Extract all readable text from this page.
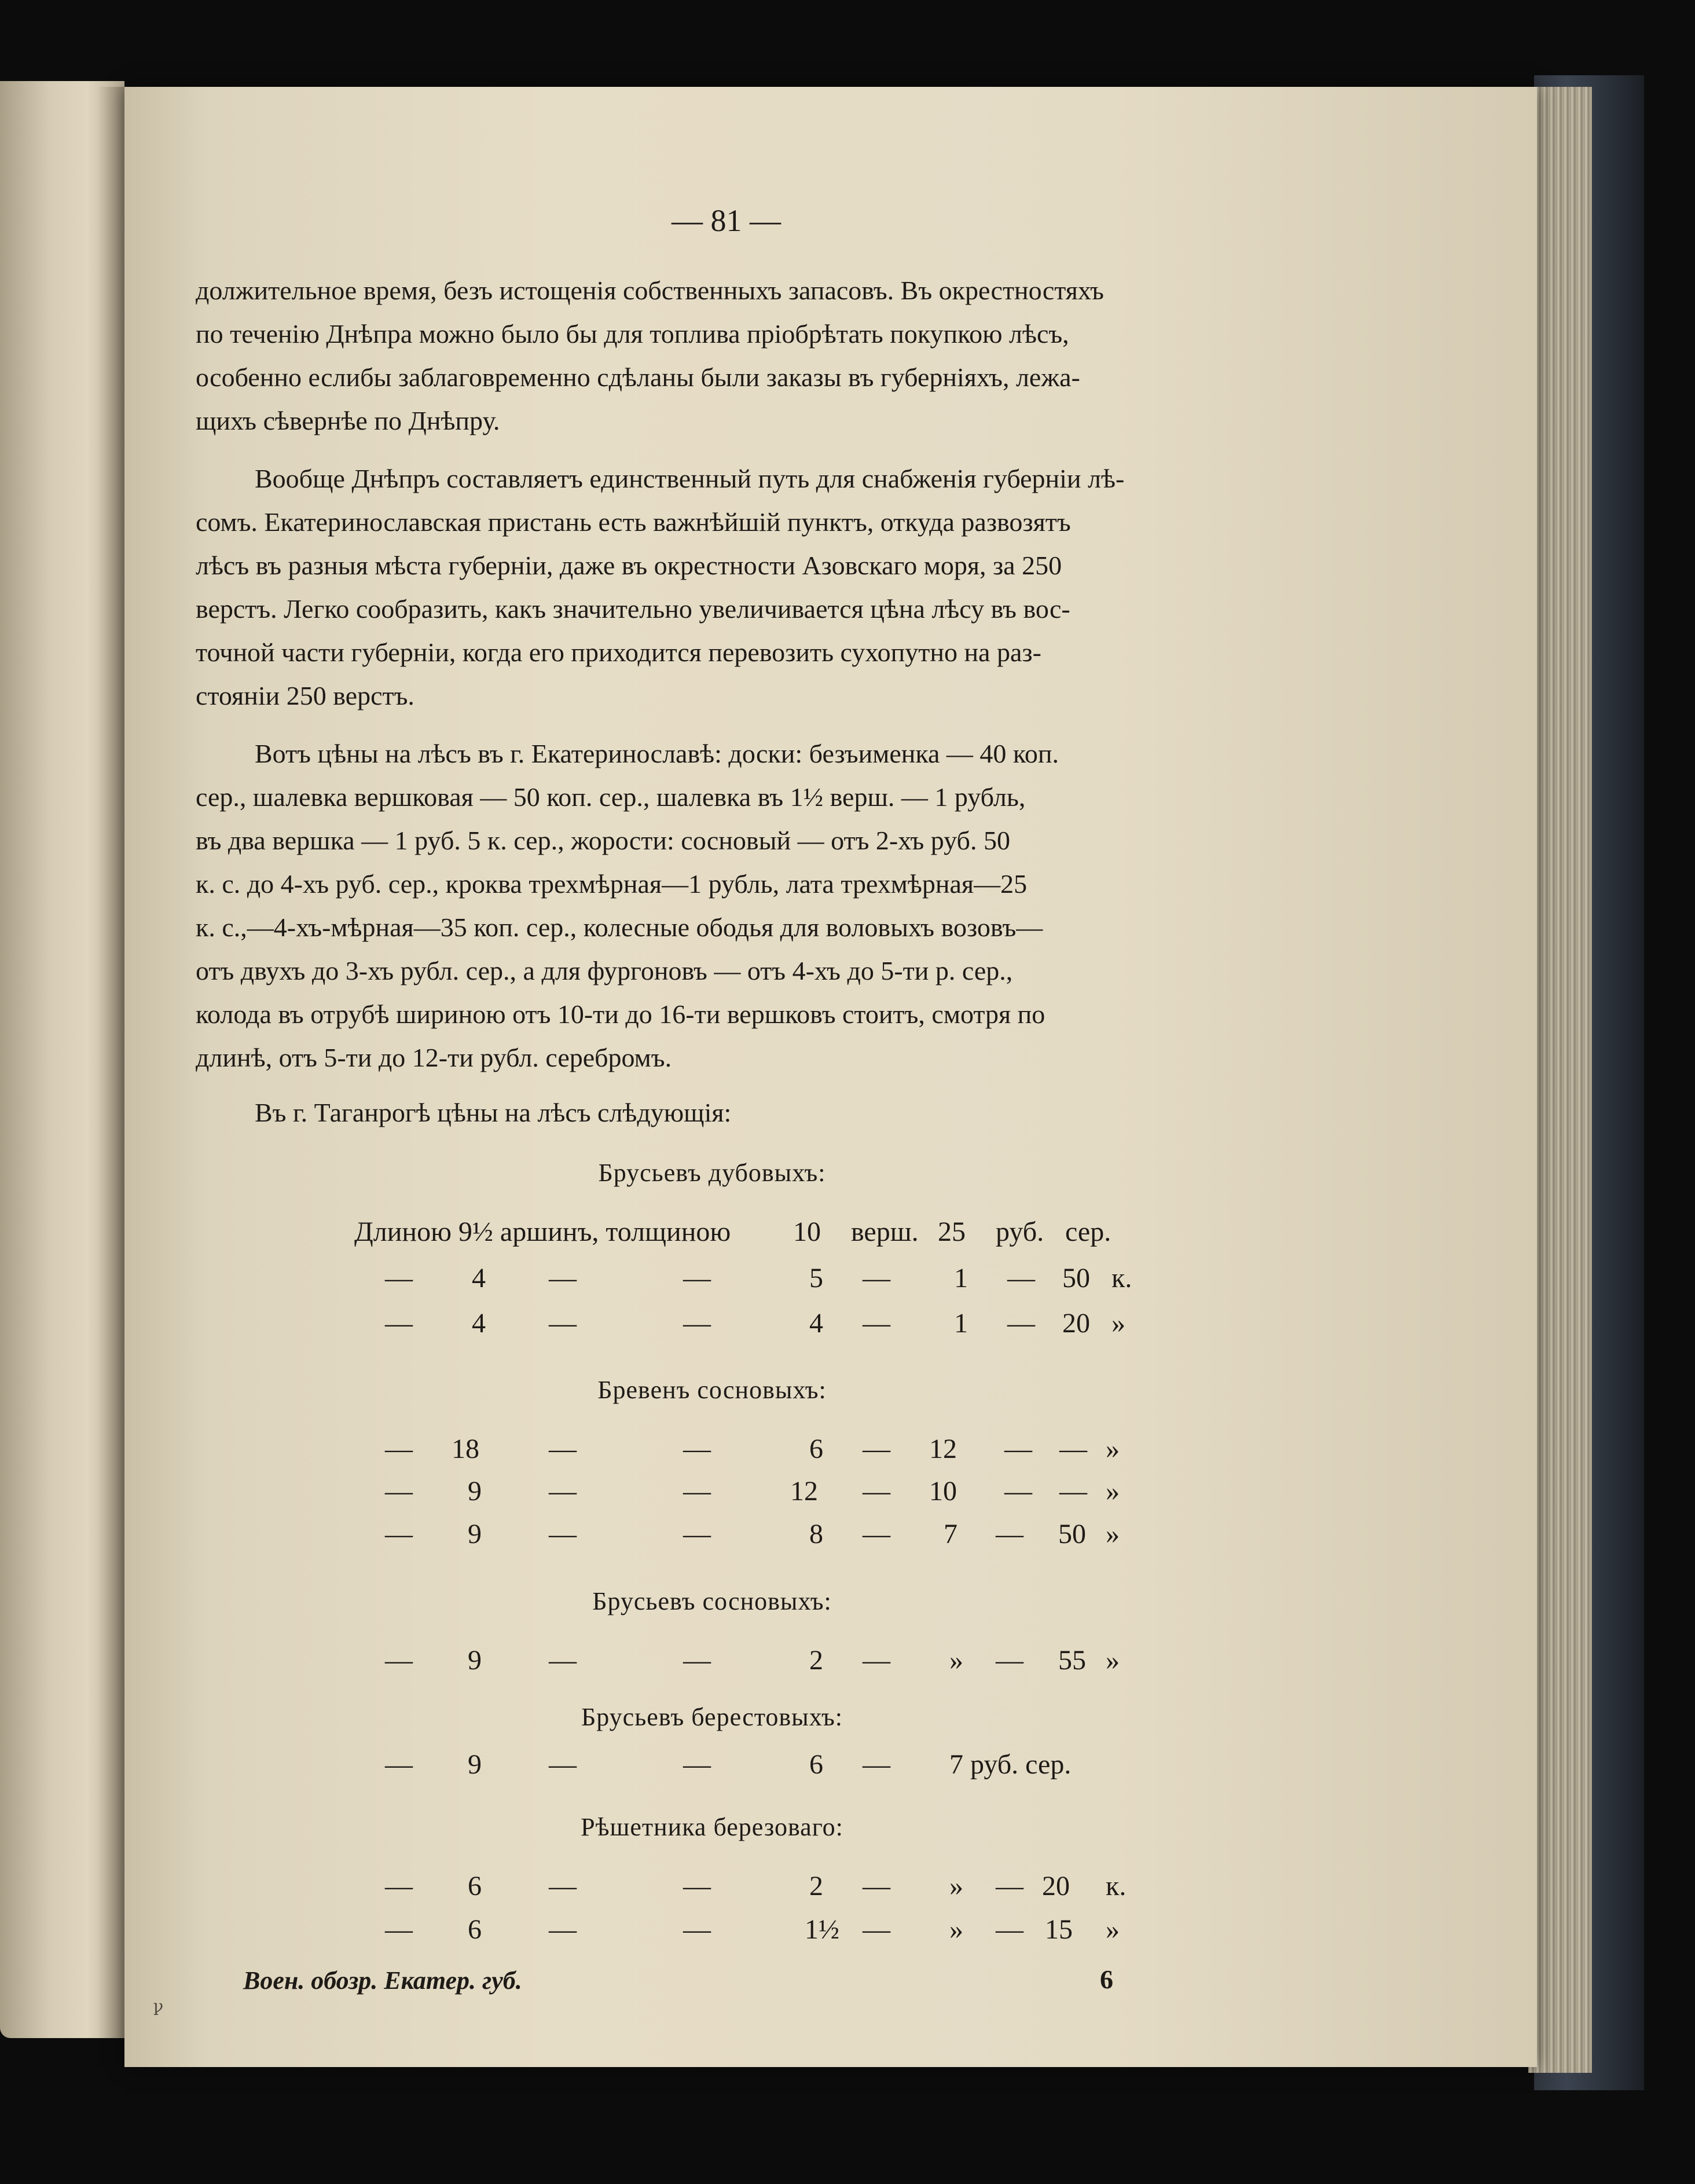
— 81 —
должительное время, безъ истощенія собственныхъ запасовъ. Въ окрестностяхъ
по теченію Днѣпра можно было бы для топлива пріобрѣтать покупкою лѣсъ,
особенно еслибы заблаговременно сдѣланы были заказы въ губерніяхъ, лежа-
щихъ сѣвернѣе по Днѣпру.
Вообще Днѣпръ составляетъ единственный путь для снабженія губерніи лѣ-
сомъ. Екатеринославская пристань есть важнѣйшій пунктъ, откуда развозятъ
лѣсъ въ разныя мѣста губерніи, даже въ окрестности Азовскаго моря, за 250
верстъ. Легко сообразить, какъ значительно увеличивается цѣна лѣсу въ вос-
точной части губерніи, когда его приходится перевозить сухопутно на раз-
стояніи 250 верстъ.
Вотъ цѣны на лѣсъ въ г. Екатеринославѣ: доски: безъименка — 40 коп.
сер., шалевка вершковая — 50 коп. сер., шалевка въ 1½ верш. — 1 рубль,
въ два вершка — 1 руб. 5 к. сер., жорости: сосновый — отъ 2-хъ руб. 50
к. с. до 4-хъ руб. сер., кроква трехмѣрная—1 рубль, лата трехмѣрная—25
к. с.,—4-хъ-мѣрная—35 коп. сер., колесные ободья для воловыхъ возовъ—
отъ двухъ до 3-хъ рубл. сер., а для фургоновъ — отъ 4-хъ до 5-ти р. сер.,
колода въ отрубѣ шириною отъ 10-ти до 16-ти вершковъ стоитъ, смотря по
длинѣ, отъ 5-ти до 12-ти рубл. серебромъ.
Въ г. Таганрогѣ цѣны на лѣсъ слѣдующія:
Брусьевъ дубовыхъ:
Длиною 9½ аршинъ, толщиною 10 верш. 25 руб. сер.
— 4 —	—	5 — 1 — 50 к.
— 4 —	—	4 — 1 — 20 »
Бревенъ сосновыхъ:
— 18	—	—	6 — 12 — — »
— 9 —	—	12 — 10 — — »
— 9 —	—	8 — 7 — 50 »
Брусьевъ сосновыхъ:
— 9 —	—	2 — » — 55 »
Брусьевъ берестовыхъ:
— 9 —	—	6 — 7 руб. сер.
Рѣшетника березоваго:
— 6 —	—	2 — » — 20 к.
— 6 —	—	1½ — » — 15 »
Воен. обозр. Екатер. губ.	6
ꝩ
